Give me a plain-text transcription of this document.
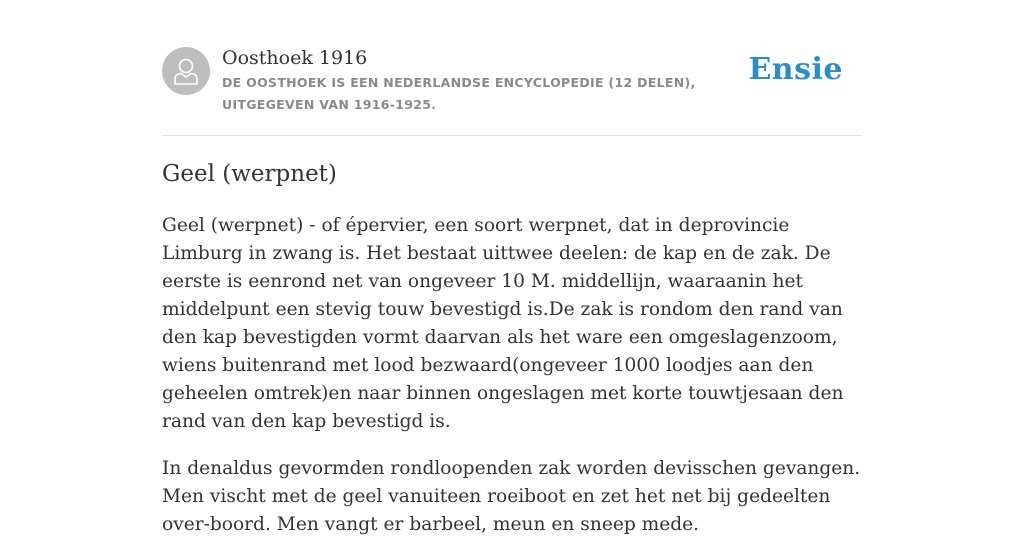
Oosthoek 1916
DE OOSTHOEK IS EEN NEDERLANDSE ENCYCLOPEDIE (12 DELEN), UITGEGEVEN VAN 1916-1925.
Ensie
Geel (werpnet)

Geel (werpnet) - of épervier, een soort werpnet, dat in deprovincie Limburg in zwang is. Het bestaat uittwee deelen: de kap en de zak. De eerste is eenrond net van ongeveer 10 M. middellijn, waaraanin het middelpunt een stevig touw bevestigd is.De zak is rondom den rand van den kap bevestigden vormt daarvan als het ware een omgeslagenzoom, wiens buitenrand met lood bezwaard(ongeveer 1000 loodjes aan den geheelen omtrek)en naar binnen ongeslagen met korte touwtjesaan den rand van den kap bevestigd is.

In denaldus gevormden rondloopenden zak worden devisschen gevangen. Men vischt met de geel vanuiteen roeiboot en zet het net bij gedeelten over-boord. Men vangt er barbeel, meun en sneep mede.
